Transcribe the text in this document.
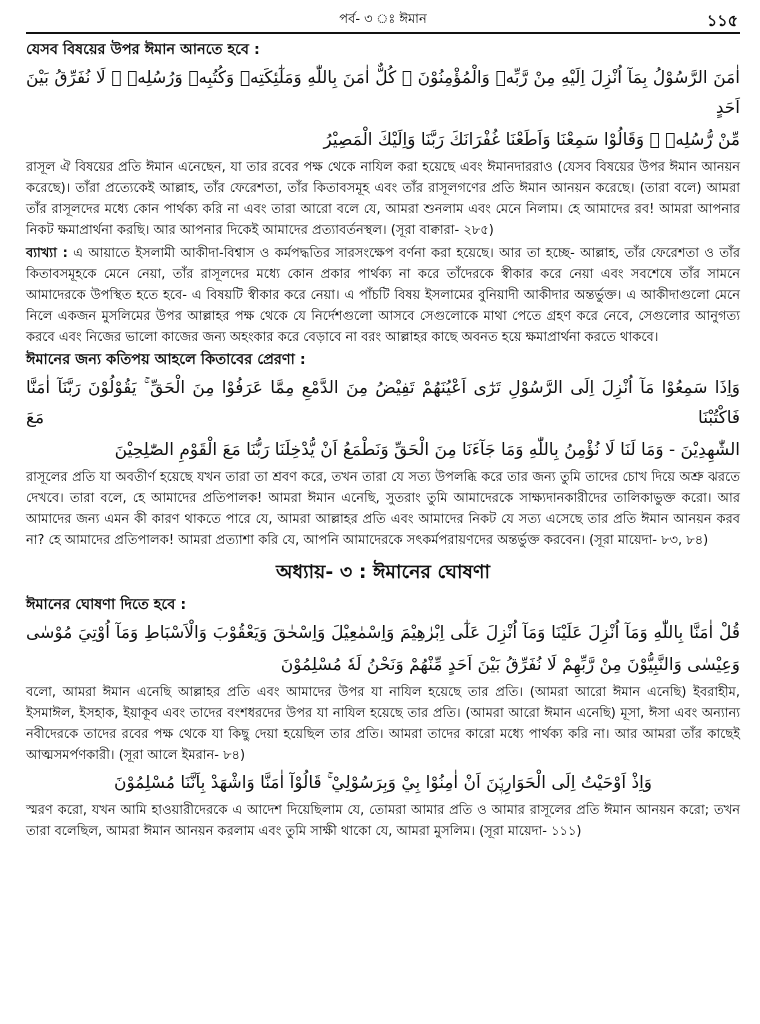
পর্ব- ৩ ঃ ঈমান	১১৫
যেসব বিষয়ের উপর ঈমান আনতে হবে :
اٰمَنَ الرَّسُوْلُ بِمَآ اُنْزِلَ اِلَيْهِ مِنْ رَّبِّهٖ وَالْمُؤْمِنُوْنَ ۗ كُلٌّ اٰمَنَ بِاللّٰهِ وَمَلٰٓئِكَتِهٖ وَكُتُبِهٖ وَرُسُلِهٖ ۗ لَا نُفَرِّقُ بَيْنَ اَحَدٍ
مِّنْ رُّسُلِهٖ ۗ وَقَالُوْا سَمِعْنَا وَاَطَعْنَا غُفْرَانَكَ رَبَّنَا وَاِلَيْكَ الْمَصِيْرُ
রাসূল ঐ বিষয়ের প্রতি ঈমান এনেছেন, যা তার রবের পক্ষ থেকে নাযিল করা হয়েছে এবং ঈমানদাররাও (যেসব বিষয়ের উপর ঈমান আনয়ন করেছে)। তাঁরা প্রত্যেকেই আল্লাহ, তাঁর ফেরেশতা, তাঁর কিতাবসমূহ এবং তাঁর রাসূলগণের প্রতি ঈমান আনয়ন করেছে। (তারা বলে) আমরা তাঁর রাসূলদের মধ্যে কোন পার্থক্য করি না এবং তারা আরো বলে যে, আমরা শুনলাম এবং মেনে নিলাম। হে আমাদের রব! আমরা আপনার নিকট ক্ষমাপ্রার্থনা করছি। আর আপনার দিকেই আমাদের প্রত্যাবর্তনস্থল। (সূরা বাক্বারা- ২৮৫)
ব্যাখ্যা : এ আয়াতে ইসলামী আকীদা-বিশ্বাস ও কর্মপদ্ধতির সারসংক্ষেপ বর্ণনা করা হয়েছে। আর তা হচ্ছে- আল্লাহ, তাঁর ফেরেশতা ও তাঁর কিতাবসমূহকে মেনে নেয়া, তাঁর রাসূলদের মধ্যে কোন প্রকার পার্থক্য না করে তাঁদেরকে স্বীকার করে নেয়া এবং সবশেষে তাঁর সামনে আমাদেরকে উপস্থিত হতে হবে- এ বিষয়টি স্বীকার করে নেয়া। এ পাঁচটি বিষয় ইসলামের বুনিয়াদী আকীদার অন্তর্ভুক্ত। এ আকীদাগুলো মেনে নিলে একজন মুসলিমের উপর আল্লাহর পক্ষ থেকে যে নির্দেশগুলো আসবে সেগুলোকে মাথা পেতে গ্রহণ করে নেবে, সেগুলোর আনুগত্য করবে এবং নিজের ভালো কাজের জন্য অহংকার করে বেড়াবে না বরং আল্লাহর কাছে অবনত হয়ে ক্ষমাপ্রার্থনা করতে থাকবে।
ঈমানের জন্য কতিপয় আহলে কিতাবের প্রেরণা :
وَاِذَا سَمِعُوْا مَآ اُنْزِلَ اِلَى الرَّسُوْلِ تَرٰٓى اَعْيُنَهُمْ تَفِيْضُ مِنَ الدَّمْعِ مِمَّا عَرَفُوْا مِنَ الْحَقِّ ۚ يَقُوْلُوْنَ رَبَّنَآ اٰمَنَّا فَاكْتُبْنَا مَعَ
الشّٰهِدِيْنَ - وَمَا لَنَا لَا نُؤْمِنُ بِاللّٰهِ وَمَا جَآءَنَا مِنَ الْحَقِّ وَنَطْمَعُ اَنْ يُّدْخِلَنَا رَبُّنَا مَعَ الْقَوْمِ الصّٰلِحِيْنَ
রাসূলের প্রতি যা অবতীর্ণ হয়েছে যখন তারা তা শ্রবণ করে, তখন তারা যে সত্য উপলব্ধি করে তার জন্য তুমি তাদের চোখ দিয়ে অশ্রু ঝরতে দেখবে। তারা বলে, হে আমাদের প্রতিপালক! আমরা ঈমান এনেছি, সুতরাং তুমি আমাদেরকে সাক্ষ্যদানকারীদের তালিকাভুক্ত করো। আর আমাদের জন্য এমন কী কারণ থাকতে পারে যে, আমরা আল্লাহর প্রতি এবং আমাদের নিকট যে সত্য এসেছে তার প্রতি ঈমান আনয়ন করব না? হে আমাদের প্রতিপালক! আমরা প্রত্যাশা করি যে, আপনি আমাদেরকে সৎকর্মপরায়ণদের অন্তর্ভুক্ত করবেন। (সূরা মায়েদা- ৮৩, ৮৪)
অধ্যায়- ৩ : ঈমানের ঘোষণা
ঈমানের ঘোষণা দিতে হবে :
قُلْ اٰمَنَّا بِاللّٰهِ وَمَآ اُنْزِلَ عَلَيْنَا وَمَآ اُنْزِلَ عَلٰٓى اِبْرٰهِيْمَ وَاِسْمٰعِيْلَ وَاِسْحٰقَ وَيَعْقُوْبَ وَالْاَسْبَاطِ وَمَآ اُوْتِيَ مُوْسٰى
وَعِيْسٰى وَالنَّبِيُّوْنَ مِنْ رَّبِّهِمْ لَا نُفَرِّقُ بَيْنَ اَحَدٍ مِّنْهُمْ وَنَحْنُ لَهٗ مُسْلِمُوْنَ
বলো, আমরা ঈমান এনেছি আল্লাহর প্রতি এবং আমাদের উপর যা নাযিল হয়েছে তার প্রতি। (আমরা আরো ঈমান এনেছি) ইবরাহীম, ইসমাঈল, ইসহাক, ইয়াকূব এবং তাদের বংশধরদের উপর যা নাযিল হয়েছে তার প্রতি। (আমরা আরো ঈমান এনেছি) মূসা, ঈসা এবং অন্যান্য নবীদেরকে তাদের রবের পক্ষ থেকে যা কিছু দেয়া হয়েছিল তার প্রতি। আমরা তাদের কারো মধ্যে পার্থক্য করি না। আর আমরা তাঁর কাছেই আত্মসমর্পণকারী। (সূরা আলে ইমরান- ৮৪)
وَاِذْ اَوْحَيْتُ اِلَى الْحَوَارِيّٖنَ اَنْ اٰمِنُوْا بِيْ وَبِرَسُوْلِيْ ۚ قَالُوْآ اٰمَنَّا وَاشْهَدْ بِاَنَّنَا مُسْلِمُوْنَ
স্মরণ করো, যখন আমি হাওয়ারীদেরকে এ আদেশ দিয়েছিলাম যে, তোমরা আমার প্রতি ও আমার রাসূলের প্রতি ঈমান আনয়ন করো; তখন তারা বলেছিল, আমরা ঈমান আনয়ন করলাম এবং তুমি সাক্ষী থাকো যে, আমরা মুসলিম। (সূরা মায়েদা- ১১১)
